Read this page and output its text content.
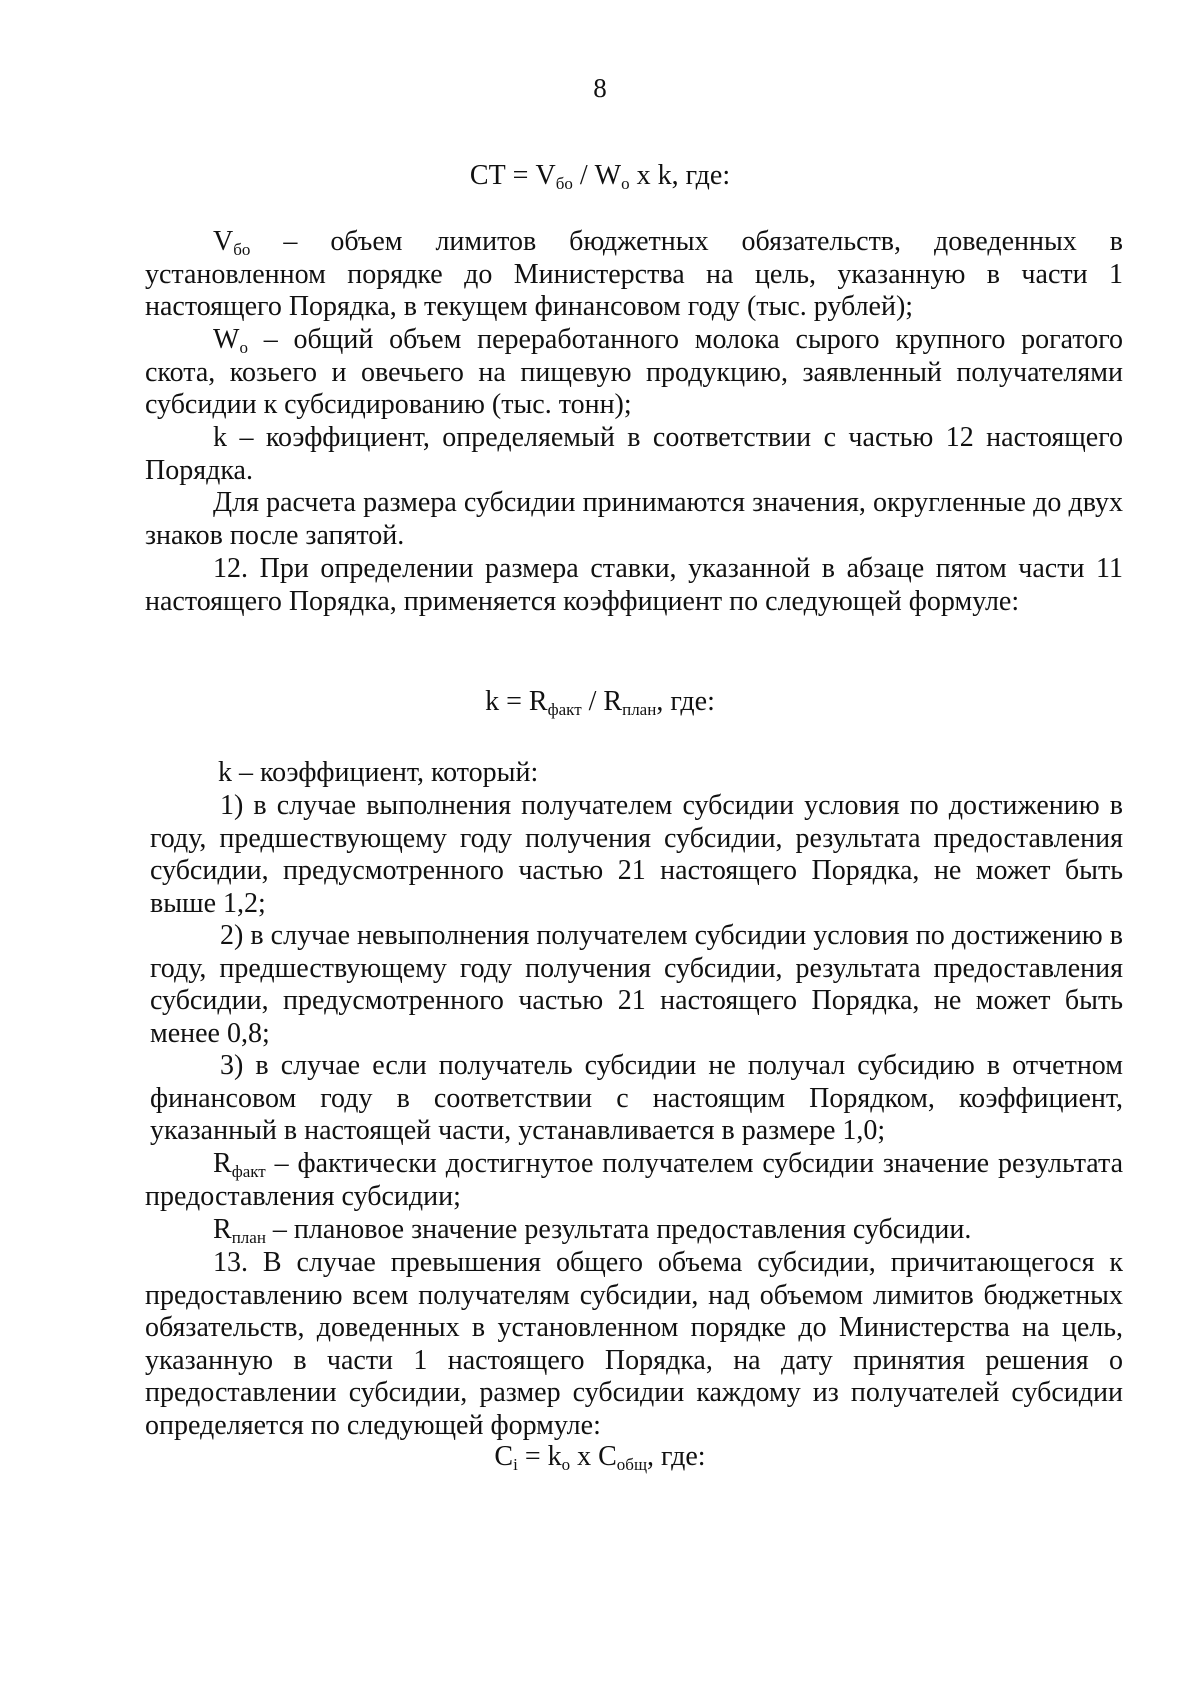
8
СТ = $V_{бо} / W_о$ x k, где:

$V_{бо}$ – объем лимитов бюджетных обязательств, доведенных в установленном порядке до Министерства на цель, указанную в части 1 настоящего Порядка, в текущем финансовом году (тыс. рублей);

$W_о$ – общий объем переработанного молока сырого крупного рогатого скота, козьего и овечьего на пищевую продукцию, заявленный получателями субсидии к субсидированию (тыс. тонн);

k – коэффициент, определяемый в соответствии с частью 12 настоящего Порядка.

Для расчета размера субсидии принимаются значения, округленные до двух знаков после запятой.

12. При определении размера ставки, указанной в абзаце пятом части 11 настоящего Порядка, применяется коэффициент по следующей формуле:

$k = R_{факт} / R_{план}$, где:

k – коэффициент, который:

1) в случае выполнения получателем субсидии условия по достижению в году, предшествующему году получения субсидии, результата предоставления субсидии, предусмотренного частью 21 настоящего Порядка, не может быть выше 1,2;

2) в случае невыполнения получателем субсидии условия по достижению в году, предшествующему году получения субсидии, результата предоставления субсидии, предусмотренного частью 21 настоящего Порядка, не может быть менее 0,8;

3) в случае если получатель субсидии не получал субсидию в отчетном финансовом году в соответствии с настоящим Порядком, коэффициент, указанный в настоящей части, устанавливается в размере 1,0;

$R_{факт}$ – фактически достигнутое получателем субсидии значение результата предоставления субсидии;

$R_{план}$ – плановое значение результата предоставления субсидии.

13. В случае превышения общего объема субсидии, причитающегося к предоставлению всем получателям субсидии, над объемом лимитов бюджетных обязательств, доведенных в установленном порядке до Министерства на цель, указанную в части 1 настоящего Порядка, на дату принятия решения о предоставлении субсидии, размер субсидии каждому из получателей субсидии определяется по следующей формуле:

$C_i = k_о$ x $C_{общ}$, где:
